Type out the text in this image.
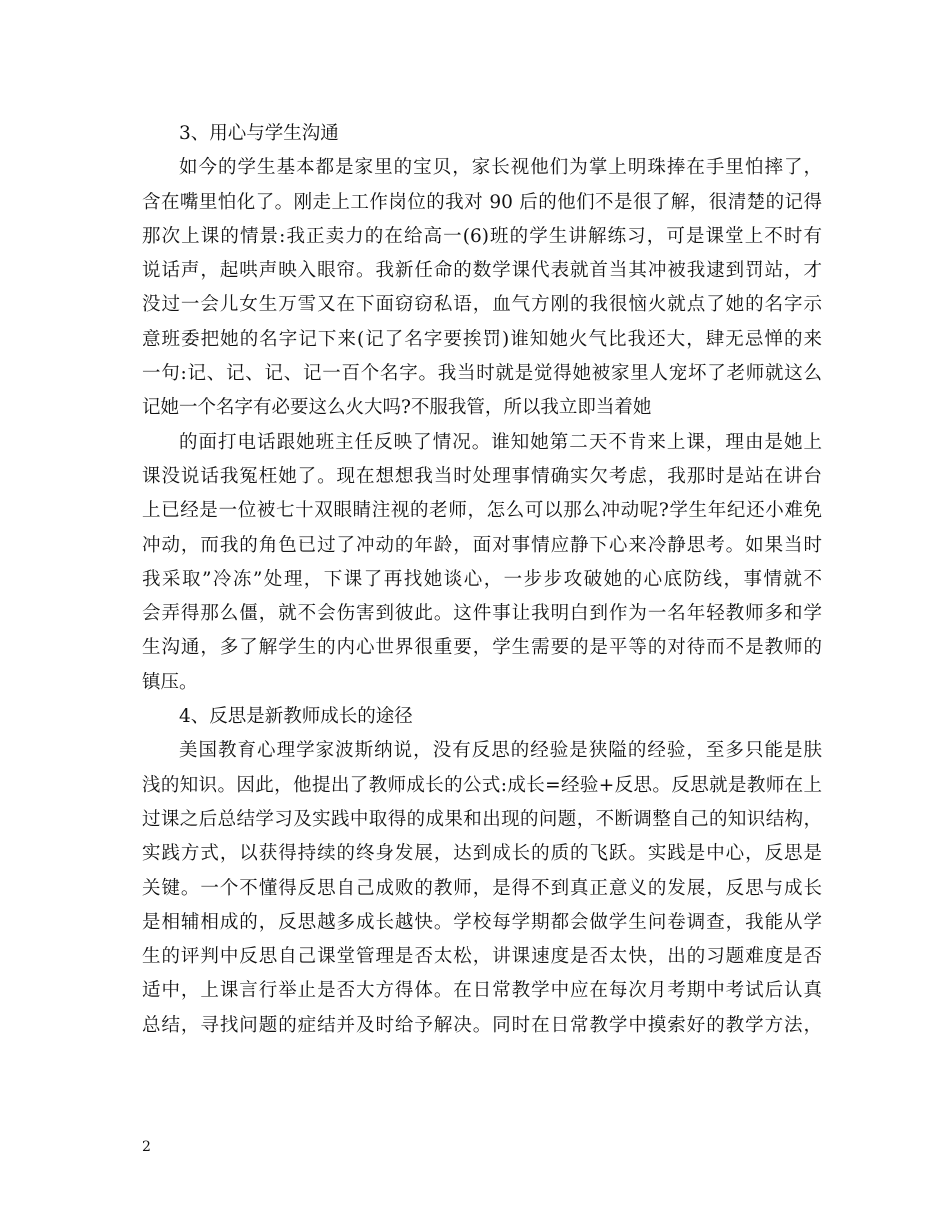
3、用心与学生沟通
如今的学生基本都是家里的宝贝，家长视他们为掌上明珠捧在手里怕摔了，
含在嘴里怕化了。刚走上工作岗位的我对 90 后的他们不是很了解，很清楚的记得
那次上课的情景:我正卖力的在给高一(6)班的学生讲解练习，可是课堂上不时有
说话声，起哄声映入眼帘。我新任命的数学课代表就首当其冲被我逮到罚站，才
没过一会儿女生万雪又在下面窃窃私语，血气方刚的我很恼火就点了她的名字示
意班委把她的名字记下来(记了名字要挨罚)谁知她火气比我还大，肆无忌惮的来
一句:记、记、记、记一百个名字。我当时就是觉得她被家里人宠坏了老师就这么
记她一个名字有必要这么火大吗?不服我管，所以我立即当着她
的面打电话跟她班主任反映了情况。谁知她第二天不肯来上课，理由是她上
课没说话我冤枉她了。现在想想我当时处理事情确实欠考虑，我那时是站在讲台
上已经是一位被七十双眼睛注视的老师，怎么可以那么冲动呢?学生年纪还小难免
冲动，而我的角色已过了冲动的年龄，面对事情应静下心来冷静思考。如果当时
我采取”冷冻”处理，下课了再找她谈心，一步步攻破她的心底防线，事情就不
会弄得那么僵，就不会伤害到彼此。这件事让我明白到作为一名年轻教师多和学
生沟通，多了解学生的内心世界很重要，学生需要的是平等的对待而不是教师的
镇压。
4、反思是新教师成长的途径
美国教育心理学家波斯纳说，没有反思的经验是狭隘的经验，至多只能是肤
浅的知识。因此，他提出了教师成长的公式:成长=经验+反思。反思就是教师在上
过课之后总结学习及实践中取得的成果和出现的问题，不断调整自己的知识结构，
实践方式，以获得持续的终身发展，达到成长的质的飞跃。实践是中心，反思是
关键。一个不懂得反思自己成败的教师，是得不到真正意义的发展，反思与成长
是相辅相成的，反思越多成长越快。学校每学期都会做学生问卷调查，我能从学
生的评判中反思自己课堂管理是否太松，讲课速度是否太快，出的习题难度是否
适中，上课言行举止是否大方得体。在日常教学中应在每次月考期中考试后认真
总结，寻找问题的症结并及时给予解决。同时在日常教学中摸索好的教学方法，
2
